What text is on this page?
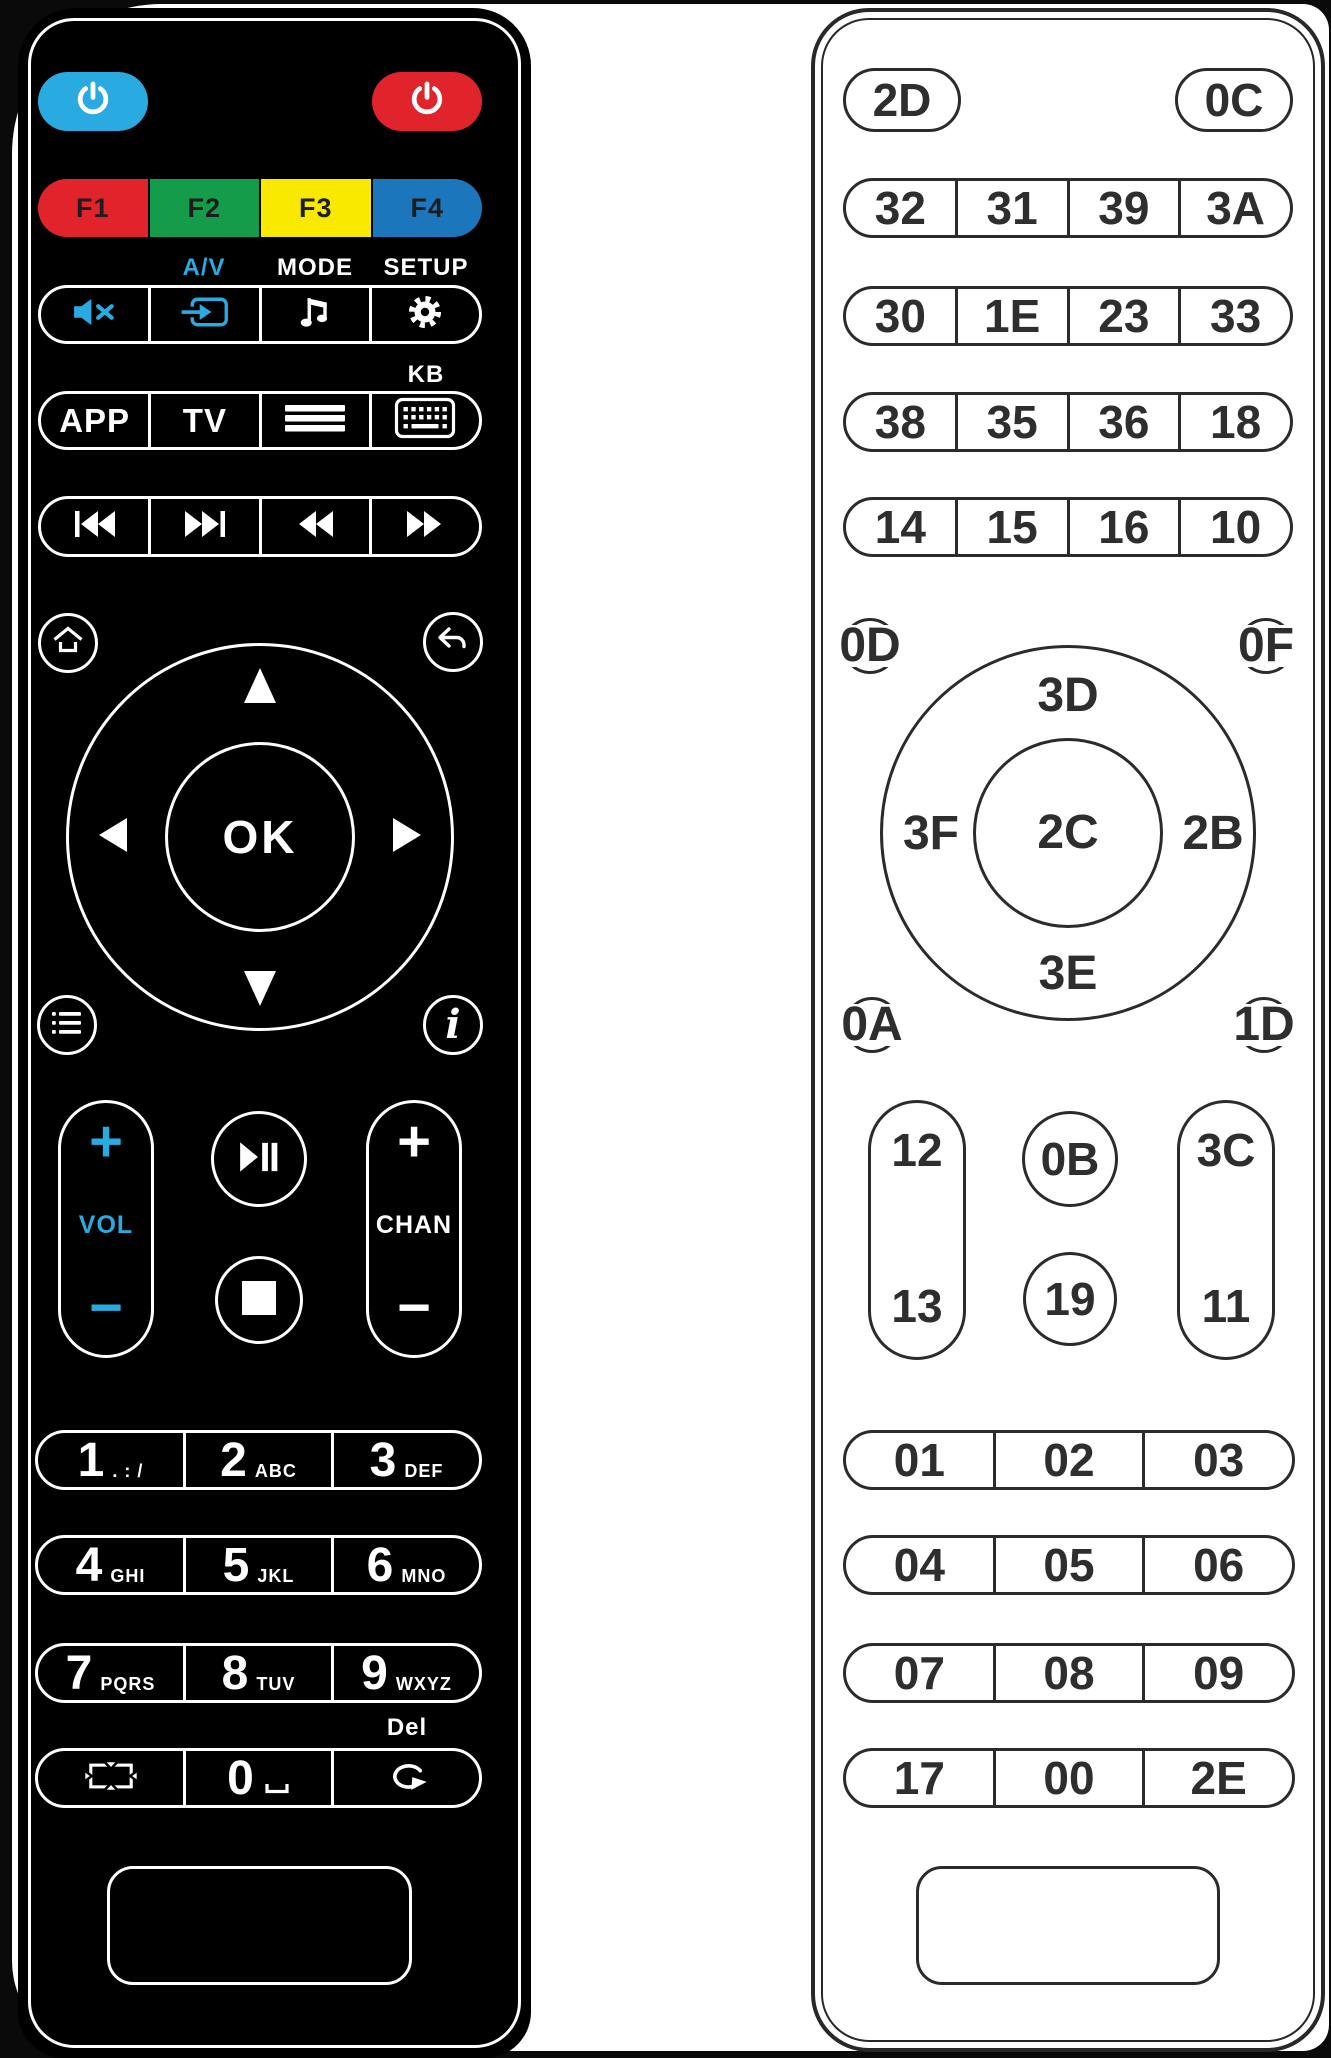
F1	F2	F3	F4
A/V	MODE	SETUP
KB
APP TV
OK
i
+
VOL
−
+
CHAN
−
1 . : / 2 ABC 3 DEF
4 GHI 5 JKL 6 MNO
7 PQRS 8 TUV 9 WXYZ
Del
0
2D	0C
32 31 39 3A
30 1E 23 33
38 35 36 18
14 15 16 10
0D	0F
3D
3F	2B
3E
2C
0A	1D
12
13
0B
19
3C
11
01 02 03
04 05 06
07 08 09
17 00 2E
